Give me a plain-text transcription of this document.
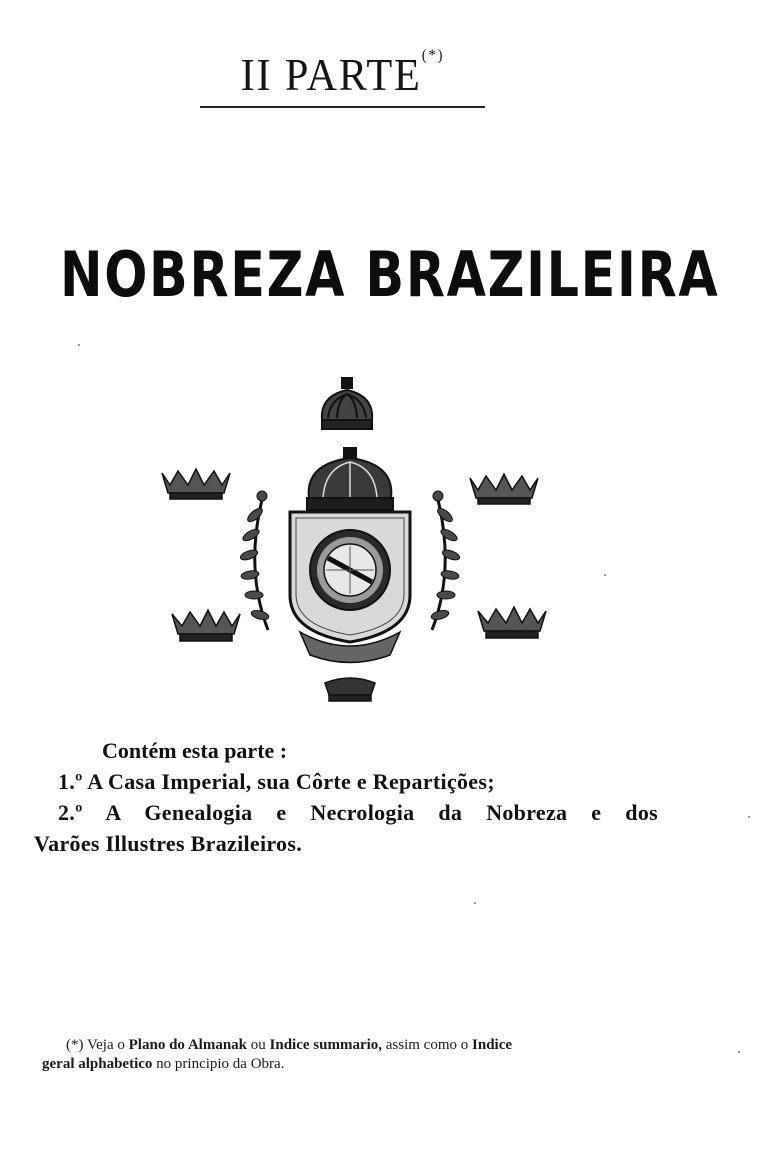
II PARTE(*)
NOBREZA BRAZILEIRA
Contém esta parte :
1.º A Casa Imperial, sua Côrte e Repartições;
2.º A Genealogia e Necrologia da Nobreza e dos
Varões Illustres Brazileiros.
(*) Veja o Plano do Almanak ou Indice summario, assim como o Indice
geral alphabetico no principio da Obra.
